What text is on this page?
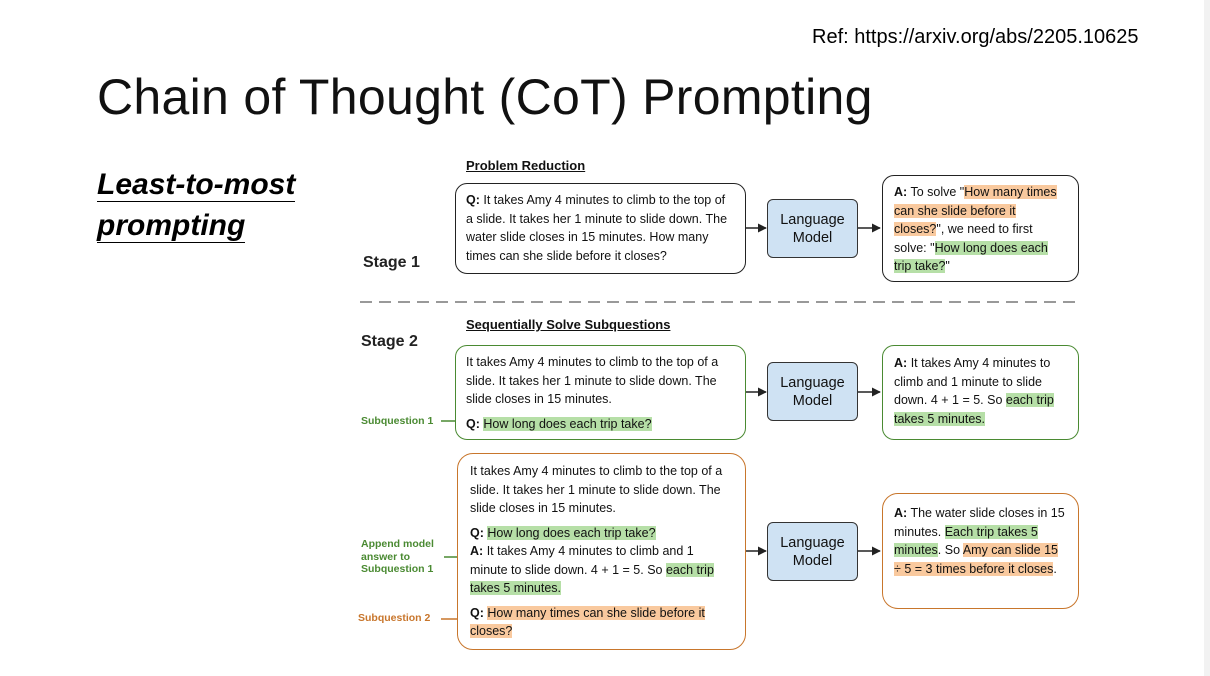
Ref: https://arxiv.org/abs/2205.10625
Chain of Thought (CoT) Prompting
Least-to-most
prompting
Problem Reduction
Sequentially Solve Subquestions
Stage 1
Stage 2
Q: It takes Amy 4 minutes to climb to the top of a slide. It takes her 1 minute to slide down. The water slide closes in 15 minutes. How many times can she slide before it closes?
Language
Model
A: To solve "How many times can she slide before it closes?", we need to first solve: "How long does each trip take?"
It takes Amy 4 minutes to climb to the top of a slide. It takes her 1 minute to slide down. The slide closes in 15 minutes.
Q: How long does each trip take?
Language
Model
A: It takes Amy 4 minutes to climb and 1 minute to slide down. 4 + 1 = 5. So each trip takes 5 minutes.
It takes Amy 4 minutes to climb to the top of a slide. It takes her 1 minute to slide down. The slide closes in 15 minutes.
Q: How long does each trip take?
A: It takes Amy 4 minutes to climb and 1 minute to slide down. 4 + 1 = 5. So each trip takes 5 minutes.
Q: How many times can she slide before it closes?
Language
Model
A: The water slide closes in 15 minutes. Each trip takes 5 minutes. So Amy can slide 15 ÷ 5 = 3 times before it closes.
Subquestion 1
Append model
answer to
Subquestion 1
Subquestion 2
